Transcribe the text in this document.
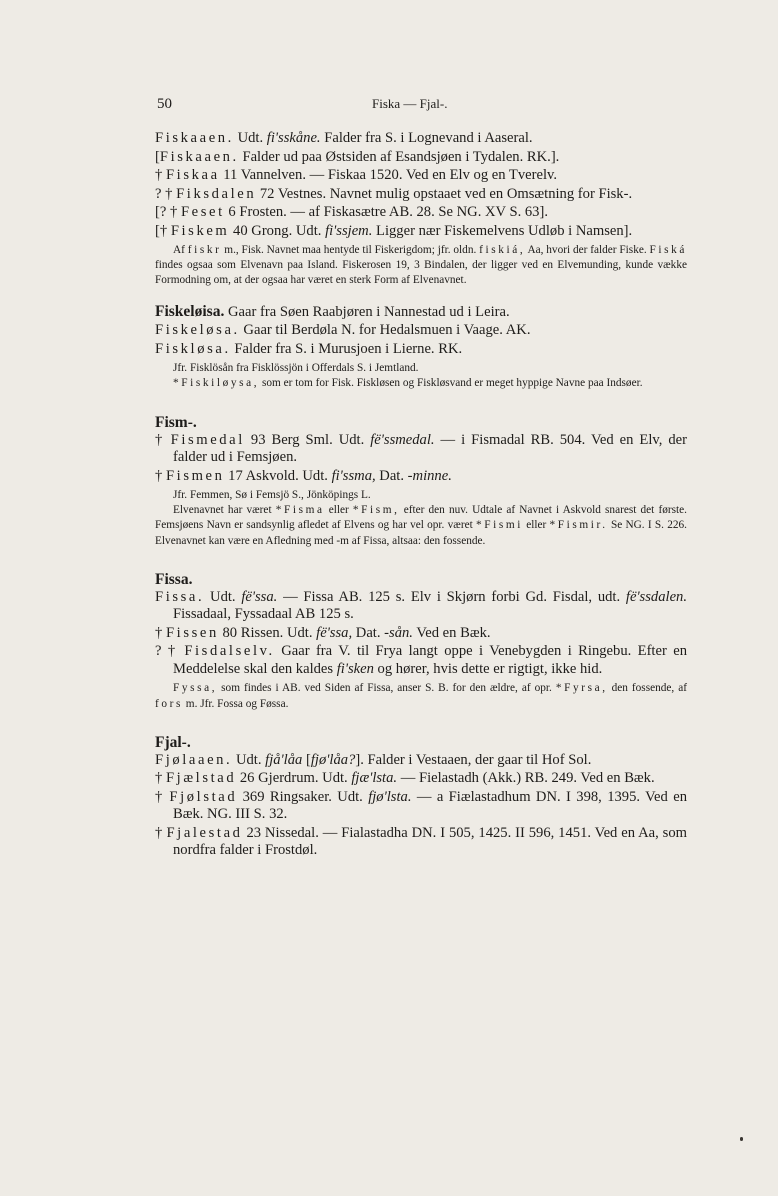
50	Fiska — Fjal-.

Fiskaaen. Udt. fi'sskåne. Falder fra S. i Lognevand i Aaseral.

[Fiskaaen. Falder ud paa Østsiden af Esandsjøen i Tydalen. RK.].

† Fiskaa 11 Vannelven. — Fiskaa 1520. Ved en Elv og en Tverelv.

? † Fiksdalen 72 Vestnes. Navnet mulig opstaaet ved en Omsætning for Fisk-.

[? † Feset 6 Frosten. — af Fiskasætre AB. 28. Se NG. XV S. 63].

[† Fiskem 40 Grong. Udt. fi'ssjem. Ligger nær Fiskemelvens Udløb i Namsen].

Af fiskr m., Fisk. Navnet maa hentyde til Fiskerigdom; jfr. oldn. fiskiá, Aa, hvori der falder Fiske. Fiská findes ogsaa som Elvenavn paa Island. Fiskerosen 19, 3 Bindalen, der ligger ved en Elvemunding, kunde vække Formodning om, at der ogsaa har været en sterk Form af Elvenavnet.

Fiskeløisa. Gaar fra Søen Raabjøren i Nannestad ud i Leira.

Fiskeløsa. Gaar til Berdøla N. for Hedalsmuen i Vaage. AK.

Fiskløsa. Falder fra S. i Murusjoen i Lierne. RK.

Jfr. Fisklösån fra Fisklössjön i Offerdals S. i Jemtland.

*Fiskiløysa, som er tom for Fisk. Fiskløsen og Fiskløsvand er meget hyppige Navne paa Indsøer.

Fism-.

† Fismedal 93 Berg Sml. Udt. fë'ssmedal. — i Fismadal RB. 504. Ved en Elv, der falder ud i Femsjøen.

† Fismen 17 Askvold. Udt. fi'ssma, Dat. -minne.

Jfr. Femmen, Sø i Femsjö S., Jönköpings L.

Elvenavnet har været *Fisma eller *Fism, efter den nuv. Udtale af Navnet i Askvold snarest det første. Femsjøens Navn er sandsynlig afledet af Elvens og har vel opr. været *Fismi eller *Fismir. Se NG. I S. 226. Elvenavnet kan være en Afledning med -m af Fissa, altsaa: den fossende.

Fissa.

Fissa. Udt. fë'ssa. — Fissa AB. 125 s. Elv i Skjørn forbi Gd. Fisdal, udt. fë'ssdalen. Fissadaal, Fyssadaal AB 125 s.

† Fissen 80 Rissen. Udt. fë'ssa, Dat. -sån. Ved en Bæk.

? † Fisdalselv. Gaar fra V. til Frya langt oppe i Venebygden i Ringebu. Efter en Meddelelse skal den kaldes fi'sken og hører, hvis dette er rigtigt, ikke hid.

Fyssa, som findes i AB. ved Siden af Fissa, anser S. B. for den ældre, af opr. *Fyrsa, den fossende, af fors m. Jfr. Fossa og Føssa.

Fjal-.

Fjølaaen. Udt. fjå'låa [fjø'låa?]. Falder i Vestaaen, der gaar til Hof Sol.

† Fjælstad 26 Gjerdrum. Udt. fjæ'lsta. — Fielastadh (Akk.) RB. 249. Ved en Bæk.

† Fjølstad 369 Ringsaker. Udt. fjø'lsta. — a Fiælastadhum DN. I 398, 1395. Ved en Bæk. NG. III S. 32.

† Fjalestad 23 Nissedal. — Fialastadha DN. I 505, 1425. II 596, 1451. Ved en Aa, som nordfra falder i Frostdøl.
